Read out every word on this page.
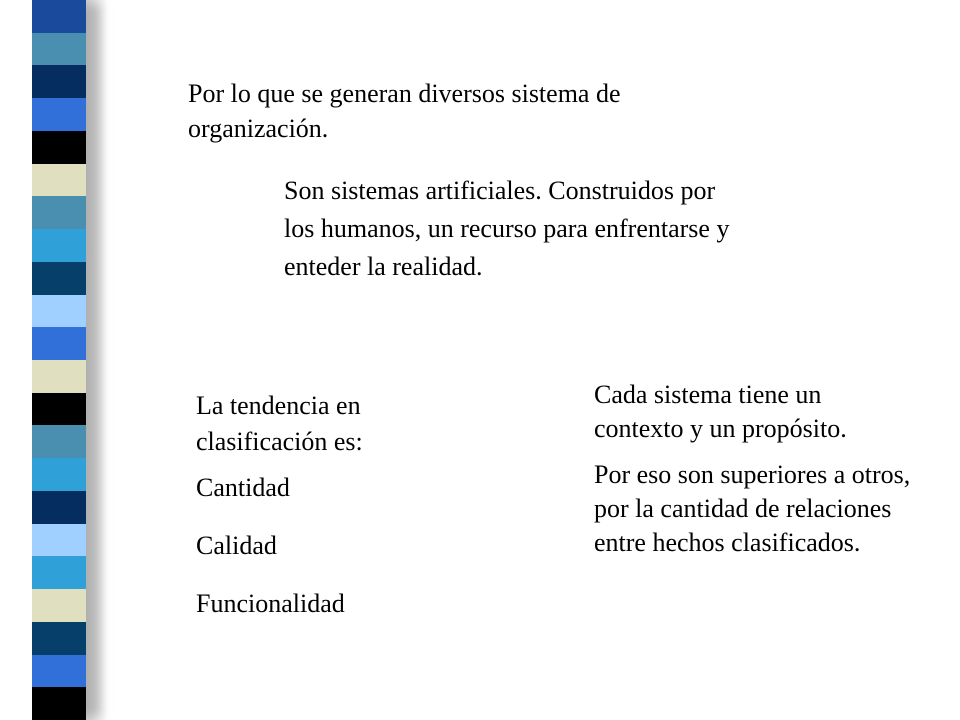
Por lo que se generan diversos sistema de organización.

Son sistemas artificiales. Construidos por los humanos, un recurso para enfrentarse y enteder la realidad.

La tendencia en clasificación es:

Cantidad

Calidad

Funcionalidad

Cada sistema tiene un contexto y un propósito.

Por eso son superiores a otros, por la cantidad de relaciones entre hechos clasificados.
